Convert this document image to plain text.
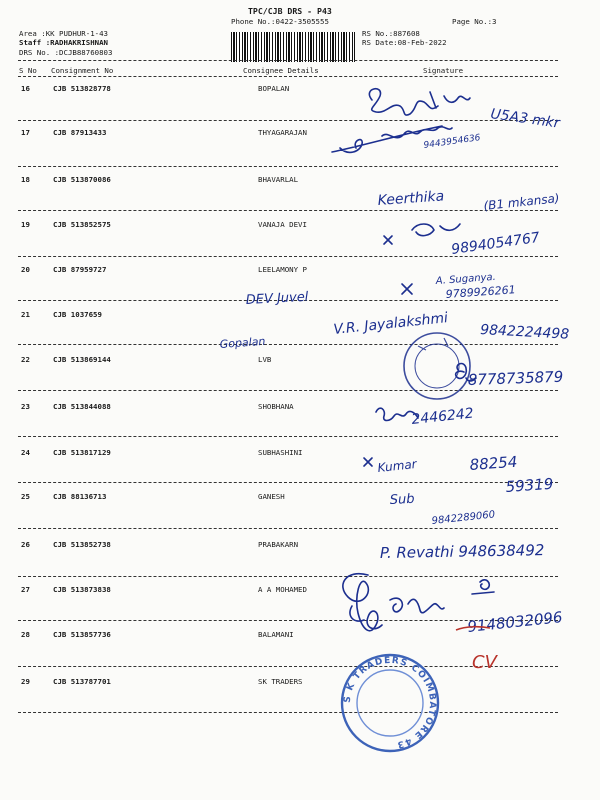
TPC/CJB DRS - P43
Phone No.:0422-3505555	Page No.:3
Area :KK PUDHUR-1-43
Staff :RADHAKRISHNAN
DRS No. :DCJB88760803
RS No.:887608
RS Date:08-Feb-2022
S No Consignment No	Consignee Details	Signature
16	CJB 513828778	BOPALAN
17	CJB 87913433	THYAGARAJAN
18	CJB 513870086	BHAVARLAL
19	CJB 513852575	VANAJA DEVI
20	CJB 87959727	LEELAMONY P
21	CJB 1037659
22	CJB 513869144	LVB
23	CJB 513844088	SHOBHANA
24	CJB 513817129	SUBHASHINI
25	CJB 88136713	GANESH
26	CJB 513852738	PRABAKARN
27	CJB 513873838	A A MOHAMED
28	CJB 513857736	BALAMANI
29	CJB 513787701	SK TRADERS
U5A3 mkr
9443954636
Keerthika	(B1 mkansa)
9894054767
A. Suganya.
9789926261
DEV Juvel
V.R. Jayalakshmi 9842224498
Gopalan
8778735879
2446242
Kumar	88254
59319
Sub
9842289060
P. Revathi 948638492
9148032096
CV
S K TRADERS COIMBATORE 43
